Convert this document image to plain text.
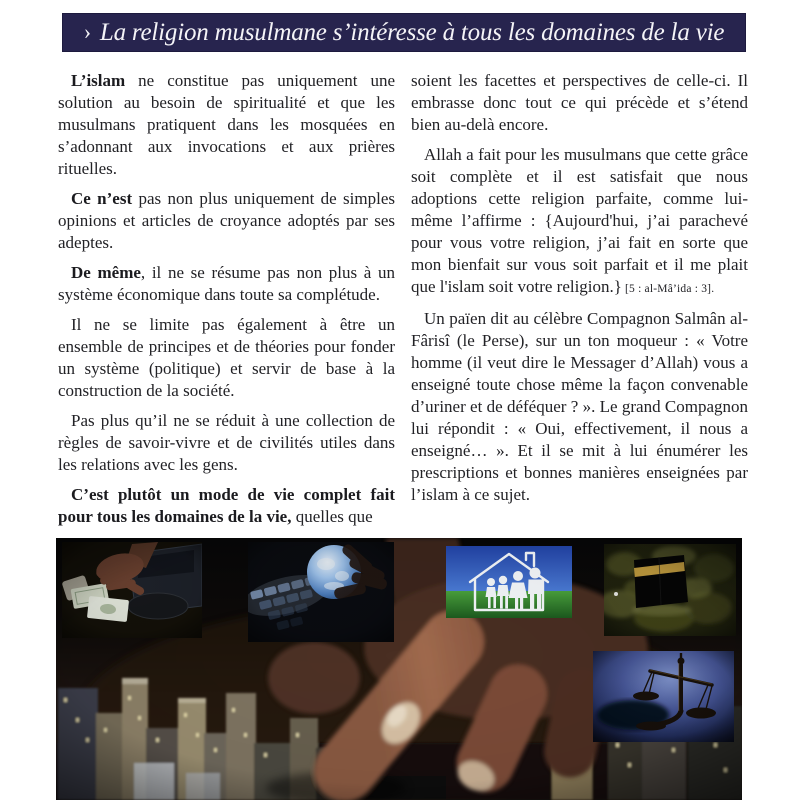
› La religion musulmane s’intéresse à tous les domaines de la vie

L’islam ne constitue pas uniquement une solution au besoin de spiritualité et que les musulmans pratiquent dans les mosquées en s’adonnant aux invocations et aux prières rituelles.

Ce n’est pas non plus uniquement de simples opinions et articles de croyance adoptés par ses adeptes.

De même, il ne se résume pas non plus à un système économique dans toute sa complétude.

Il ne se limite pas également à être un ensemble de principes et de théories pour fonder un système (politique) et servir de base à la construction de la société.

Pas plus qu’il ne se réduit à une collection de règles de savoir-vivre et de civilités utiles dans les relations avec les gens.

C’est plutôt un mode de vie complet fait pour tous les domaines de la vie, quelles que

soient les facettes et perspectives de celle-ci. Il embrasse donc tout ce qui précède et s’étend bien au-delà encore.

Allah a fait pour les musulmans que cette grâce soit complète et il est satisfait que nous adoptions cette religion parfaite, comme lui-même l’affirme : {Aujourd'hui, j’ai parachevé pour vous votre religion, j’ai fait en sorte que mon bienfait sur vous soit parfait et il me plait que l'islam soit votre religion.} [5 : al-Mâ’ida : 3].

Un païen dit au célèbre Compagnon Salmân al-Fârisî (le Perse), sur un ton moqueur : « Votre homme (il veut dire le Messager d’Allah) vous a enseigné toute chose même la façon convenable d’uriner et de déféquer ? ». Le grand Compagnon lui répondit : « Oui, effectivement, il nous a enseigné… ». Et il se mit à lui énumérer les prescriptions et bonnes manières enseignées par l’islam à ce sujet.
